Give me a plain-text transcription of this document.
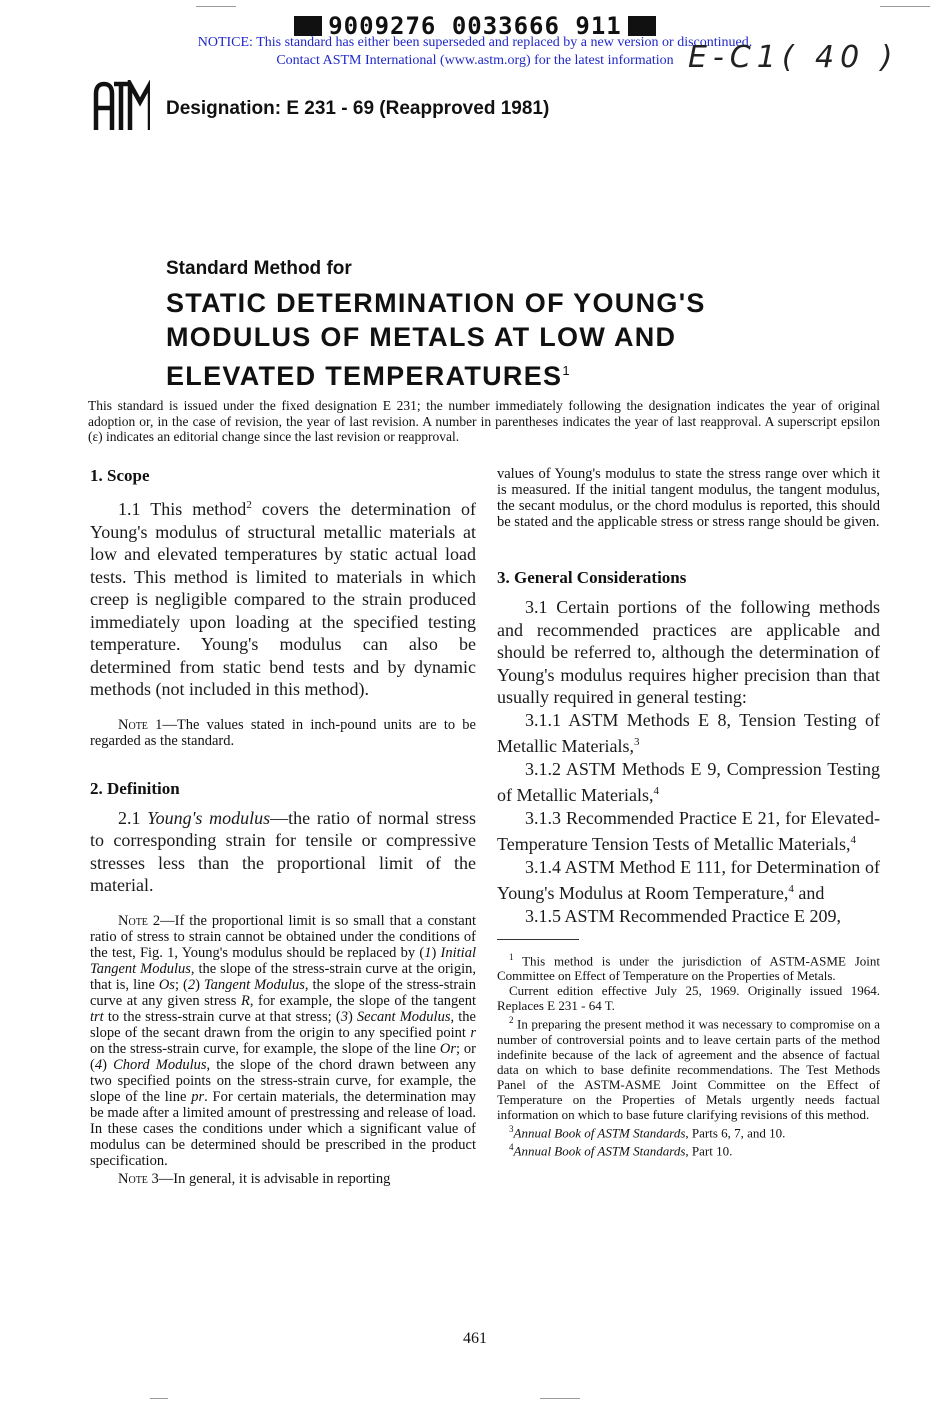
9009276 0033666 911
NOTICE: This standard has either been superseded and replaced by a new version or discontinued.
Contact ASTM International (www.astm.org) for the latest information E-C1( 40 )
Designation: E 231 - 69 (Reapproved 1981)
Standard Method for
STATIC DETERMINATION OF YOUNG'S
MODULUS OF METALS AT LOW AND
ELEVATED TEMPERATURES$^1$
This standard is issued under the fixed designation E 231; the number immediately following the designation indicates the year of original adoption or, in the case of revision, the year of last revision. A number in parentheses indicates the year of last reapproval. A superscript epsilon (ε) indicates an editorial change since the last revision or reapproval.
1. Scope

1.1 This method$^2$ covers the determination of Young's modulus of structural metallic materials at low and elevated temperatures by static actual load tests. This method is limited to materials in which creep is negligible compared to the strain produced immediately upon loading at the specified testing temperature. Young's modulus can also be determined from static bend tests and by dynamic methods (not included in this method).

Note 1—The values stated in inch-pound units are to be regarded as the standard.

2. Definition

2.1 Young's modulus—the ratio of normal stress to corresponding strain for tensile or compressive stresses less than the proportional limit of the material.

Note 2—If the proportional limit is so small that a constant ratio of stress to strain cannot be obtained under the conditions of the test, Fig. 1, Young's modulus should be replaced by (1) Initial Tangent Modulus, the slope of the stress-strain curve at the origin, that is, line Os; (2) Tangent Modulus, the slope of the stress-strain curve at any given stress R, for example, the slope of the tangent trt to the stress-strain curve at that stress; (3) Secant Modulus, the slope of the secant drawn from the origin to any specified point r on the stress-strain curve, for example, the slope of the line Or; or (4) Chord Modulus, the slope of the chord drawn between any two specified points on the stress-strain curve, for example, the slope of the line pr. For certain materials, the determination may be made after a limited amount of prestressing and release of load. In these cases the conditions under which a significant value of modulus can be determined should be prescribed in the product specification.

Note 3—In general, it is advisable in reporting

values of Young's modulus to state the stress range over which it is measured. If the initial tangent modulus, the tangent modulus, the secant modulus, or the chord modulus is reported, this should be stated and the applicable stress or stress range should be given.

3. General Considerations

3.1 Certain portions of the following methods and recommended practices are applicable and should be referred to, although the determination of Young's modulus requires higher precision than that usually required in general testing:

3.1.1 ASTM Methods E 8, Tension Testing of Metallic Materials,$^3$

3.1.2 ASTM Methods E 9, Compression Testing of Metallic Materials,$^4$

3.1.3 Recommended Practice E 21, for Elevated-Temperature Tension Tests of Metallic Materials,$^4$

3.1.4 ASTM Method E 111, for Determination of Young's Modulus at Room Temperature,$^4$ and

3.1.5 ASTM Recommended Practice E 209,

$^1$ This method is under the jurisdiction of ASTM-ASME Joint Committee on Effect of Temperature on the Properties of Metals.

Current edition effective July 25, 1969. Originally issued 1964. Replaces E 231 - 64 T.

$^2$ In preparing the present method it was necessary to compromise on a number of controversial points and to leave certain parts of the method indefinite because of the lack of agreement and the absence of factual data on which to base definite recommendations. The Test Methods Panel of the ASTM-ASME Joint Committee on the Effect of Temperature on the Properties of Metals urgently needs factual information on which to base future clarifying revisions of this method.

$^3$Annual Book of ASTM Standards, Parts 6, 7, and 10.

$^4$Annual Book of ASTM Standards, Part 10.

461
